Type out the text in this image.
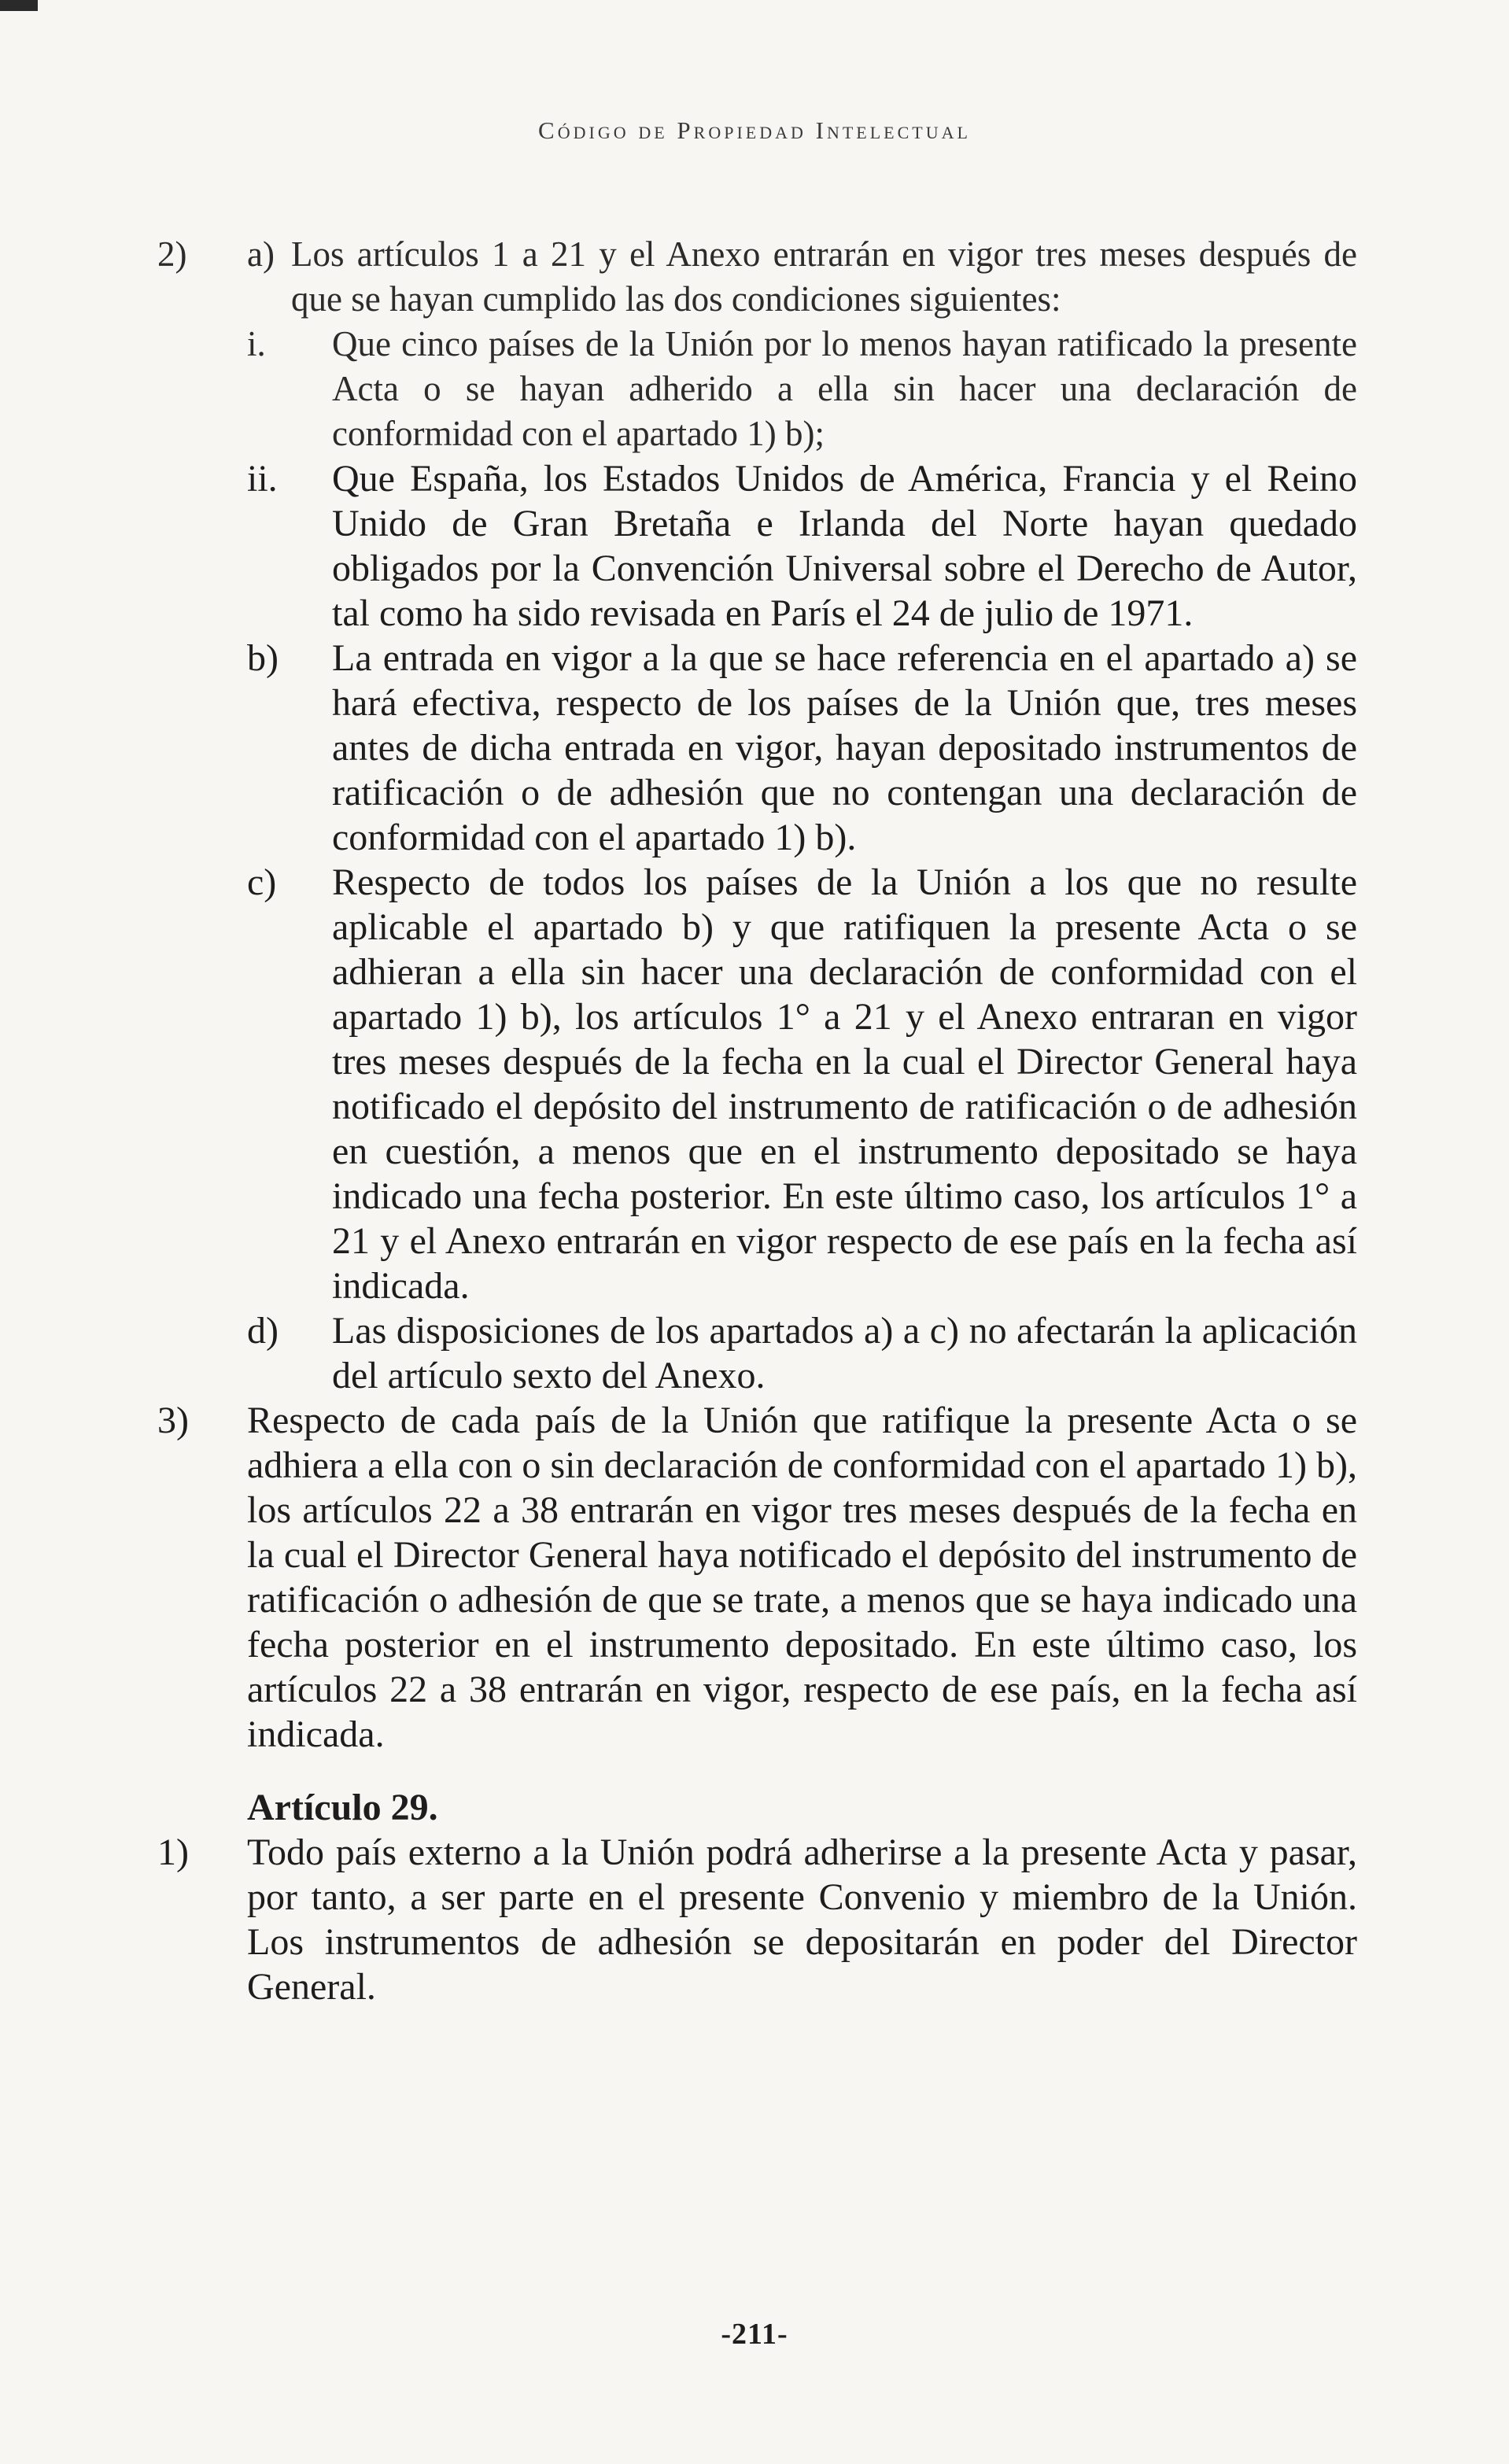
Código de Propiedad Intelectual
2) a) Los artículos 1 a 21 y el Anexo entrarán en vigor tres meses después de que se hayan cumplido las dos condiciones siguientes:
i. Que cinco países de la Unión por lo menos hayan ratificado la presente Acta o se hayan adherido a ella sin hacer una declaración de conformidad con el apartado 1) b);
ii. Que España, los Estados Unidos de América, Francia y el Reino Unido de Gran Bretaña e Irlanda del Norte hayan quedado obligados por la Convención Universal sobre el Derecho de Autor, tal como ha sido revisada en París el 24 de julio de 1971.
b) La entrada en vigor a la que se hace referencia en el apartado a) se hará efectiva, respecto de los países de la Unión que, tres meses antes de dicha entrada en vigor, hayan depositado instrumentos de ratificación o de adhesión que no contengan una declaración de conformidad con el apartado 1) b).
c) Respecto de todos los países de la Unión a los que no resulte aplicable el apartado b) y que ratifiquen la presente Acta o se adhieran a ella sin hacer una declaración de conformidad con el apartado 1) b), los artículos 1° a 21 y el Anexo entraran en vigor tres meses después de la fecha en la cual el Director General haya notificado el depósito del instrumento de ratificación o de adhesión en cuestión, a menos que en el instrumento depositado se haya indicado una fecha posterior. En este último caso, los artículos 1° a 21 y el Anexo entrarán en vigor respecto de ese país en la fecha así indicada.
d) Las disposiciones de los apartados a) a c) no afectarán la aplicación del artículo sexto del Anexo.
3) Respecto de cada país de la Unión que ratifique la presente Acta o se adhiera a ella con o sin declaración de conformidad con el apartado 1) b), los artículos 22 a 38 entrarán en vigor tres meses después de la fecha en la cual el Director General haya notificado el depósito del instrumento de ratificación o adhesión de que se trate, a menos que se haya indicado una fecha posterior en el instrumento depositado. En este último caso, los artículos 22 a 38 entrarán en vigor, respecto de ese país, en la fecha así indicada.
Artículo 29.
1) Todo país externo a la Unión podrá adherirse a la presente Acta y pasar, por tanto, a ser parte en el presente Convenio y miembro de la Unión. Los instrumentos de adhesión se depositarán en poder del Director General.
-211-
